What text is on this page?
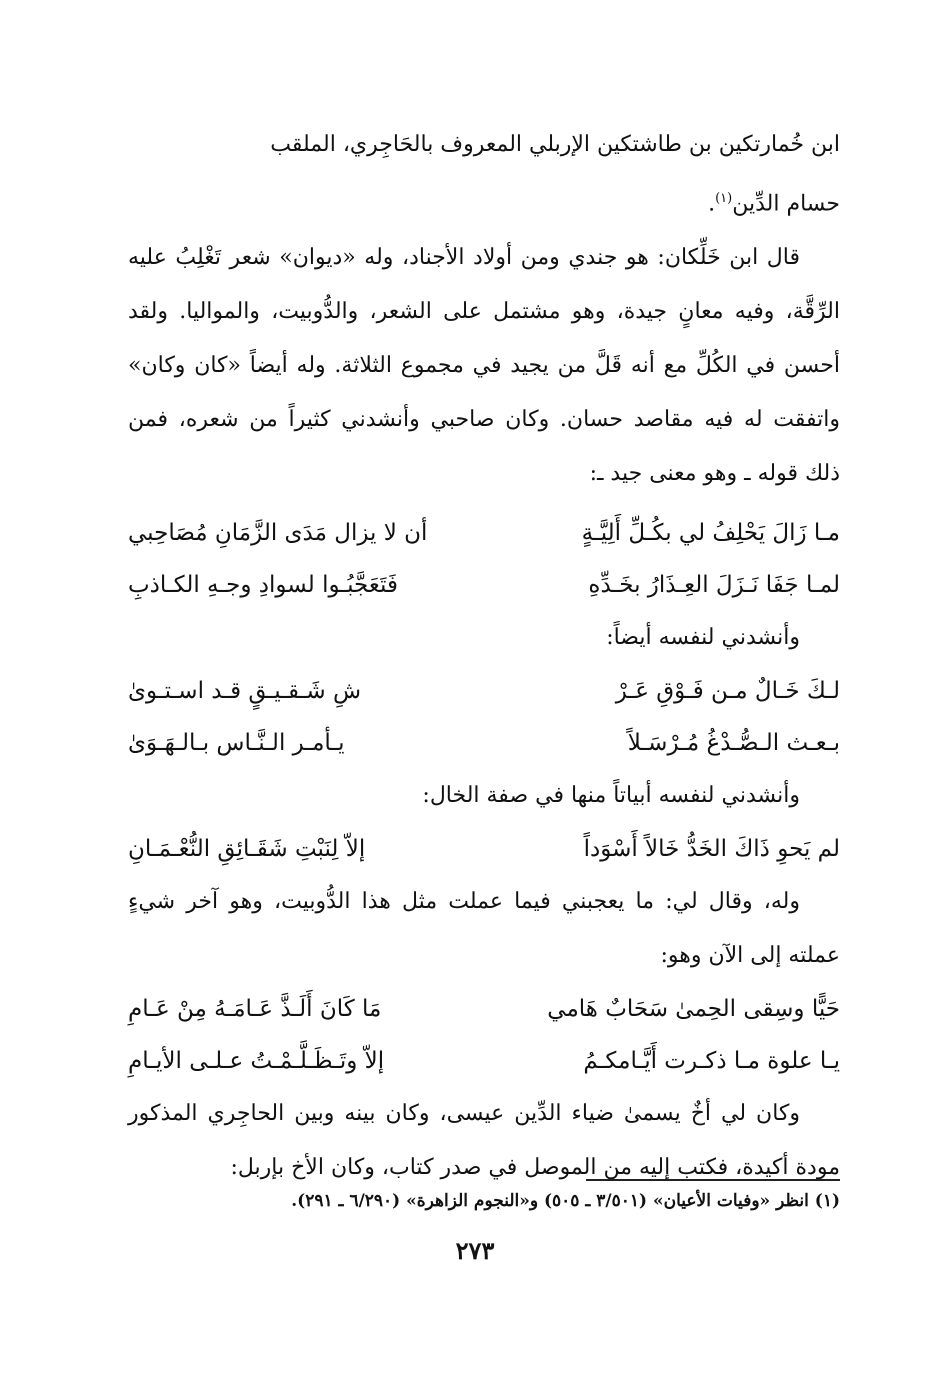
ابن خُمارتكين بن طاشتكين الإربلي المعروف بالحَاجِري، الملقب
حسام الدِّين$^{(١)}$.

قال ابن خَلِّكان: هو جندي ومن أولاد الأجناد، وله «ديوان» شعر تَغْلِبُ عليه الرِّقَّة، وفيه معانٍ جيدة، وهو مشتمل على الشعر، والدُّوبيت، والمواليا. ولقد أحسن في الكُلِّ مع أنه قَلَّ من يجيد في مجموع الثلاثة. وله أيضاً «كان وكان» واتفقت له فيه مقاصد حسان. وكان صاحبي وأنشدني كثيراً من شعره، فمن ذلك قوله ـ وهو معنى جيد ـ:

مـا زَالَ يَحْلِفُ لي بكُـلِّ أَلِيَّـةٍ
أن لا يزال مَدَى الزَّمَانِ مُصَاحِبي
لمـا جَفَا نَـزَلَ العِـذَارُ بخَـدِّهِ
فَتَعَجَّبُـوا لسوادِ وجـهِ الكـاذبِ

وأنشدني لنفسه أيضاً:

لـكَ خَـالٌ مـن فَـوْقِ عَـرْ
شِ شَـقـيـقٍ قـد اسـتـوىٰ
بـعـث الـصُّـدْغُ مُـرْسَـلاً
يـأمـر الـنَّـاس بـالـهَـوَىٰ

وأنشدني لنفسه أبياتاً منها في صفة الخال:

لم يَحوِ ذَاكَ الخَدُّ خَالاً أَسْوَداً
إلاّ لِنَبْتِ شَقَـائِقِ النُّعْـمَـانِ

وله، وقال لي: ما يعجبني فيما عملت مثل هذا الدُّوبيت، وهو آخر شيءٍ عملته إلى الآن وهو:

حَيًّا وسِقى الحِمىٰ سَحَابٌ هَامي
مَا كَانَ أَلَـذَّ عَـامَـهُ مِنْ عَـامِ
يـا علوة مـا ذكـرت أَيَّـامكـمُ
إلاّ وتَـظَـلَّـمْـتُ عـلـى الأيـامِ

وكان لي أخٌ يسمىٰ ضياء الدِّين عيسى، وكان بينه وبين الحاجِري المذكور مودة أكيدة، فكتب إليه من الموصل في صدر كتاب، وكان الأخ بإربل:

(١) انظر «وفيات الأعيان» (٣/٥٠١ ـ ٥٠٥) و«النجوم الزاهرة» (٦/٢٩٠ ـ ٢٩١).

٢٧٣
